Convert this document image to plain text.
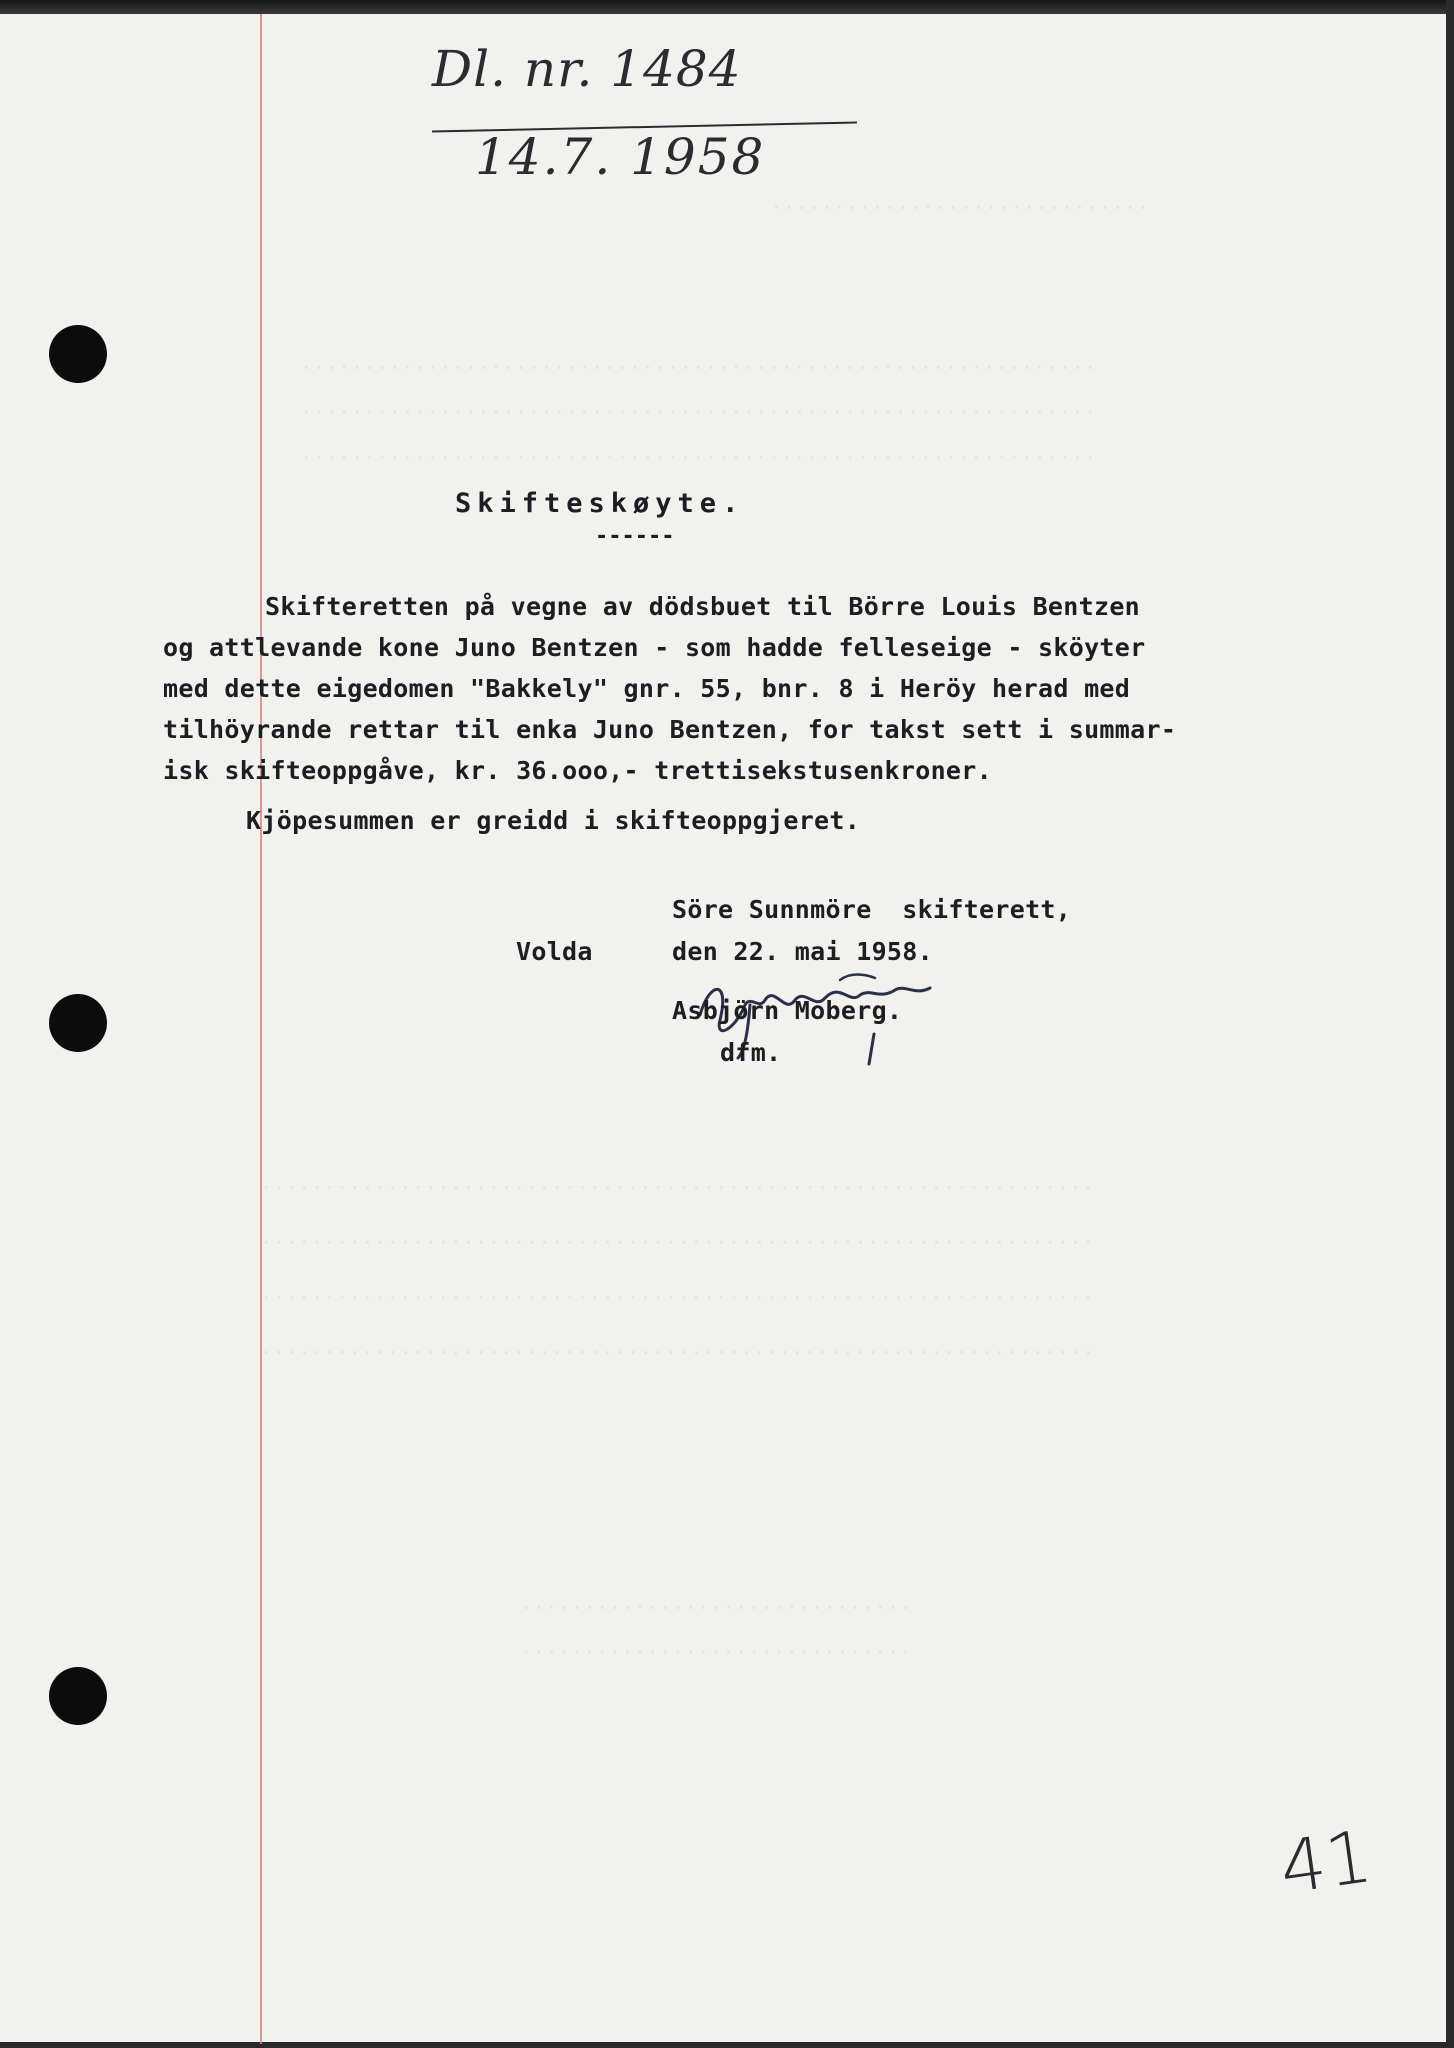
..............................
...............................................................
...............................................................
...............................................................
..................................................................
..................................................................
..................................................................
..................................................................
...............................
...............................
Dl. nr. 1484
14.7. 1958
Skifteskøyte.
------
Skifteretten på vegne av dödsbuet til Börre Louis Bentzen
og attlevande kone Juno Bentzen - som hadde felleseige - sköyter
med dette eigedomen "Bakkely" gnr. 55, bnr. 8 i Heröy herad med
tilhöyrande rettar til enka Juno Bentzen, for takst sett i summar-
isk skifteoppgåve, kr. 36.ooo,- trettisekstusenkroner.
Kjöpesummen er greidd i skifteoppgjeret.
Söre Sunnmöre  skifterett,
Volda	den 22. mai 1958.
Asbjörn Moberg.
dfm.
41
